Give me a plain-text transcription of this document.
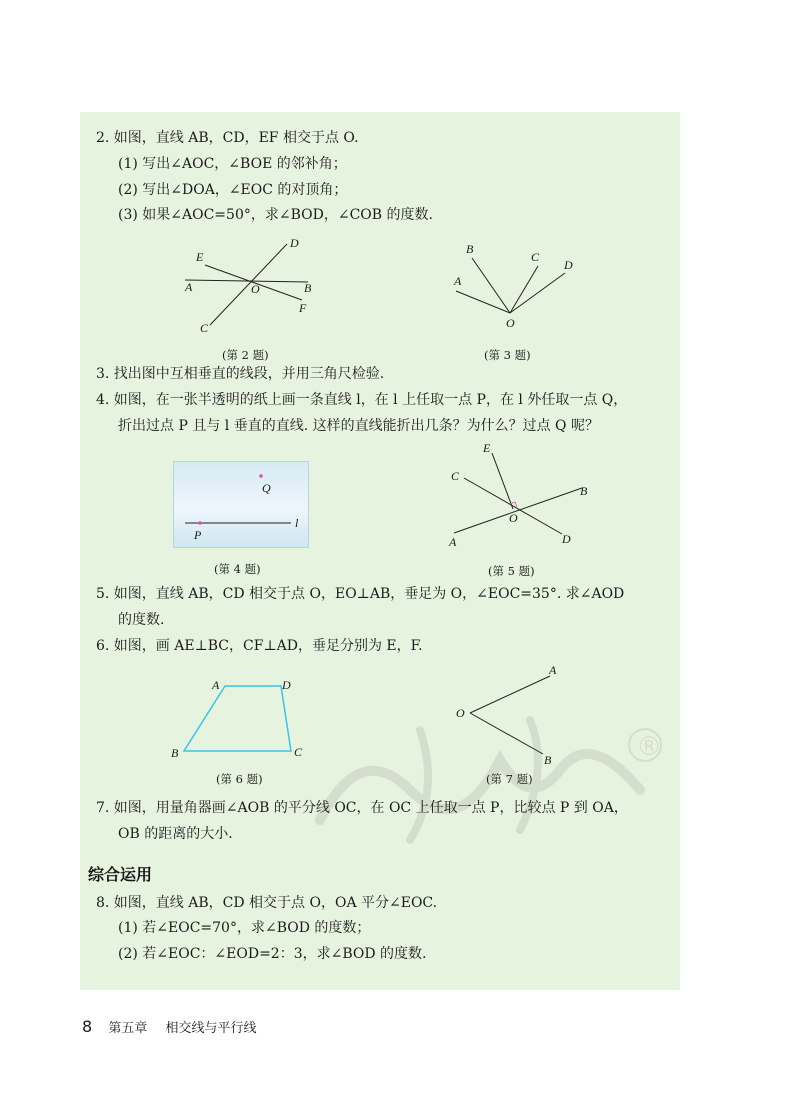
2. 如图，直线 AB，CD，EF 相交于点 O.
(1) 写出∠AOC，∠BOE 的邻补角；
(2) 写出∠DOA，∠EOC 的对顶角；
(3) 如果∠AOC=50°，求∠BOD，∠COB 的度数.
E
D
A	O	B
F
C
(第 2 题)
B
C
D
A
O
(第 3 题)
3. 找出图中互相垂直的线段，并用三角尺检验.
4. 如图，在一张半透明的纸上画一条直线 l，在 l 上任取一点 P，在 l 外任取一点 Q，
折出过点 P 且与 l 垂直的直线. 这样的直线能折出几条？为什么？过点 Q 呢？
Q
P
l
(第 4 题)
E
C
B
O
A	D
(第 5 题)
5. 如图，直线 AB，CD 相交于点 O，EO⊥AB，垂足为 O，∠EOC=35°. 求∠AOD
的度数.
6. 如图，画 AE⊥BC，CF⊥AD，垂足分别为 E，F.
A	D
B	C
(第 6 题)
A
O
B
(第 7 题)
®
7. 如图，用量角器画∠AOB 的平分线 OC，在 OC 上任取一点 P，比较点 P 到 OA，
OB 的距离的大小.
综合运用
8. 如图，直线 AB，CD 相交于点 O，OA 平分∠EOC.
(1) 若∠EOC=70°，求∠BOD 的度数；
(2) 若∠EOC：∠EOD=2：3，求∠BOD 的度数.
8 第五章 相交线与平行线
